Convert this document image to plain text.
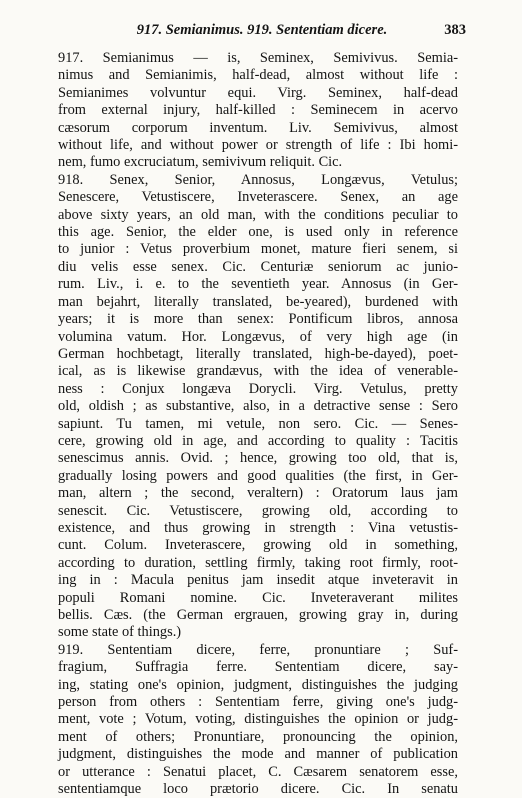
917. Semianimus. 919. Sententiam dicere.	383
917. Semianimus — is, Seminex, Semivivus. Semia-
nimus and Semianimis, half-dead, almost without life :
Semianimes volvuntur equi. Virg. Seminex, half-dead
from external injury, half-killed : Seminecem in acervo
cæsorum corporum inventum. Liv. Semivivus, almost
without life, and without power or strength of life : Ibi homi-
nem, fumo excruciatum, semivivum reliquit. Cic.
918. Senex, Senior, Annosus, Longævus, Vetulus;
Senescere, Vetustiscere, Inveterascere. Senex, an age
above sixty years, an old man, with the conditions peculiar to
this age. Senior, the elder one, is used only in reference
to junior : Vetus proverbium monet, mature fieri senem, si
diu velis esse senex. Cic. Centuriæ seniorum ac junio-
rum. Liv., i. e. to the seventieth year. Annosus (in Ger-
man bejahrt, literally translated, be-yeared), burdened with
years; it is more than senex: Pontificum libros, annosa
volumina vatum. Hor. Longævus, of very high age (in
German hochbetagt, literally translated, high-be-dayed), poet-
ical, as is likewise grandævus, with the idea of venerable-
ness : Conjux longæva Dorycli. Virg. Vetulus, pretty
old, oldish ; as substantive, also, in a detractive sense : Sero
sapiunt. Tu tamen, mi vetule, non sero. Cic. — Senes-
cere, growing old in age, and according to quality : Tacitis
senescimus annis. Ovid. ; hence, growing too old, that is,
gradually losing powers and good qualities (the first, in Ger-
man, altern ; the second, veraltern) : Oratorum laus jam
senescit. Cic. Vetustiscere, growing old, according to
existence, and thus growing in strength : Vina vetustis-
cunt. Colum. Inveterascere, growing old in something,
according to duration, settling firmly, taking root firmly, root-
ing in : Macula penitus jam insedit atque inveteravit in
populi Romani nomine. Cic. Inveteraverant milites
bellis. Cæs. (the German ergrauen, growing gray in, during
some state of things.)
919. Sententiam dicere, ferre, pronuntiare ; Suf-
fragium, Suffragia ferre. Sententiam dicere, say-
ing, stating one's opinion, judgment, distinguishes the judging
person from others : Sententiam ferre, giving one's judg-
ment, vote ; Votum, voting, distinguishes the opinion or judg-
ment of others; Pronuntiare, pronouncing the opinion,
judgment, distinguishes the mode and manner of publication
or utterance : Senatui placet, C. Cæsarem senatorem esse,
sententiamque loco prætorio dicere. Cic. In senatu
